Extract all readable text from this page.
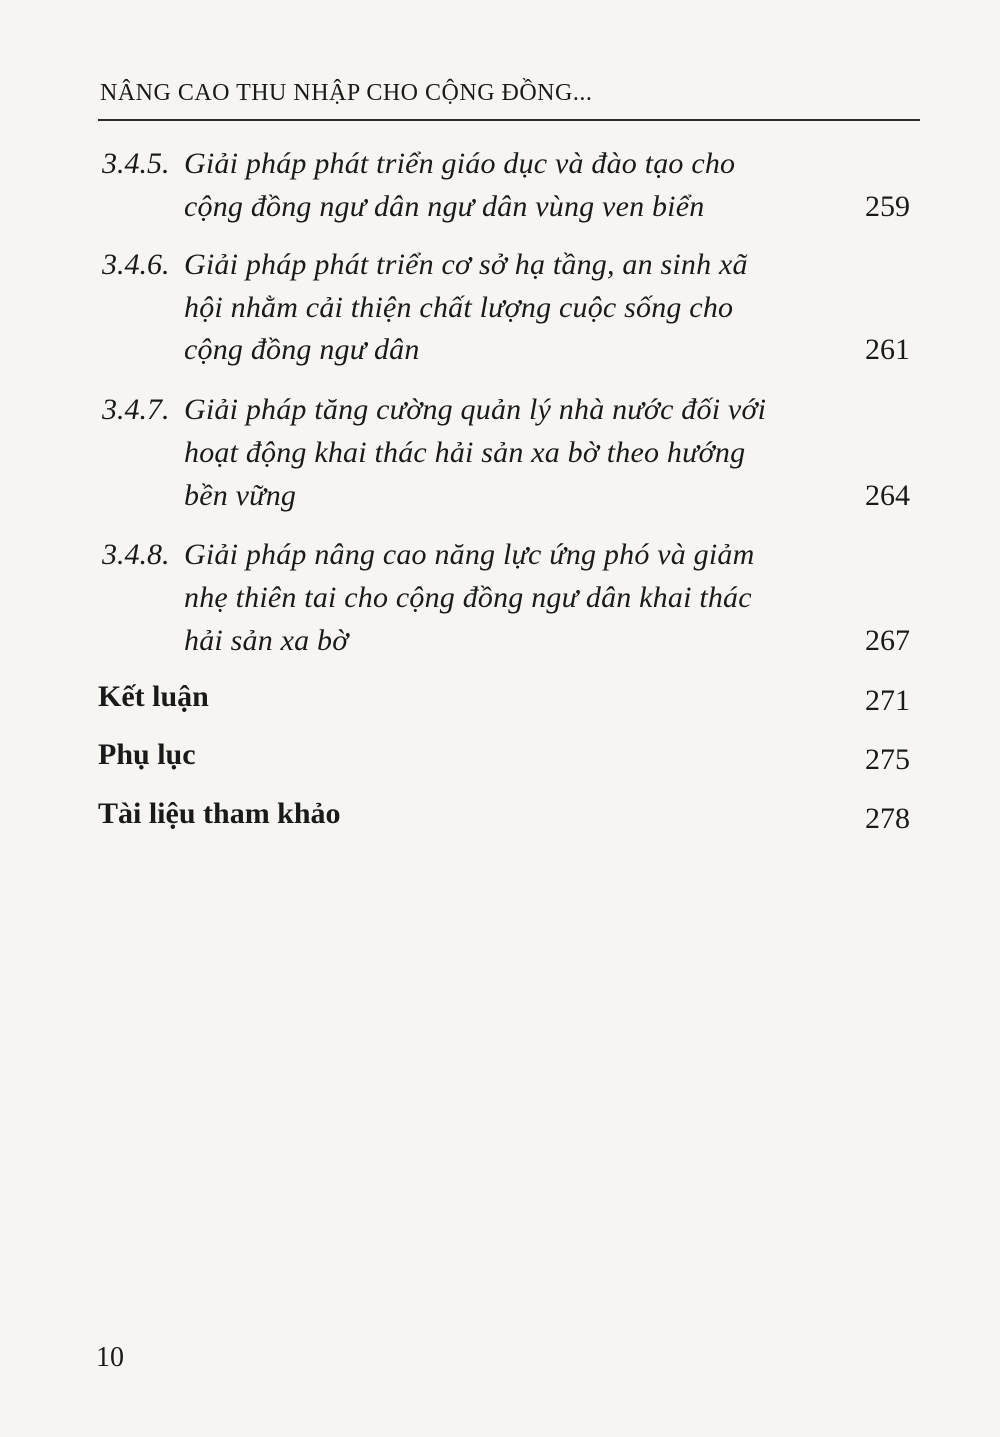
NÂNG CAO THU NHẬP CHO CỘNG ĐỒNG...
3.4.5. Giải pháp phát triển giáo dục và đào tạo cho
cộng đồng ngư dân ngư dân vùng ven biển	259
3.4.6. Giải pháp phát triển cơ sở hạ tầng, an sinh xã
hội nhằm cải thiện chất lượng cuộc sống cho
cộng đồng ngư dân	261
3.4.7. Giải pháp tăng cường quản lý nhà nước đối với
hoạt động khai thác hải sản xa bờ theo hướng
bền vững	264
3.4.8. Giải pháp nâng cao năng lực ứng phó và giảm
nhẹ thiên tai cho cộng đồng ngư dân khai thác
hải sản xa bờ	267
Kết luận	271
Phụ lục	275
Tài liệu tham khảo	278
10
